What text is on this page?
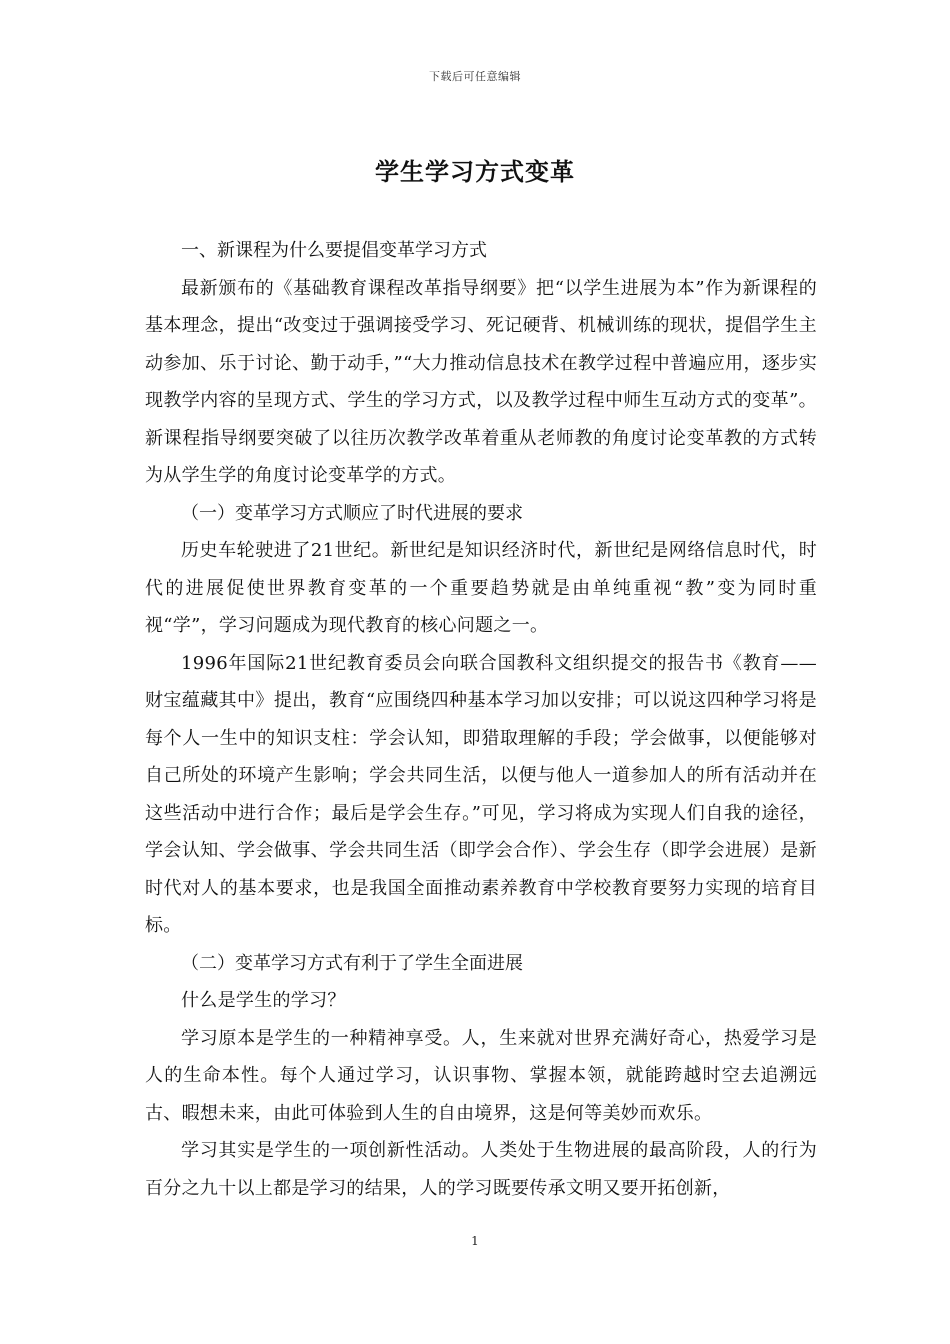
下载后可任意编辑
学生学习方式变革

一、新课程为什么要提倡变革学习方式

最新颁布的《基础教育课程改革指导纲要》把“以学生进展为本”作为新课程的基本理念，提出“改变过于强调接受学习、死记硬背、机械训练的现状，提倡学生主动参加、乐于讨论、勤于动手，”“大力推动信息技术在教学过程中普遍应用，逐步实现教学内容的呈现方式、学生的学习方式，以及教学过程中师生互动方式的变革”。新课程指导纲要突破了以往历次教学改革着重从老师教的角度讨论变革教的方式转为从学生学的角度讨论变革学的方式。

（一）变革学习方式顺应了时代进展的要求

历史车轮驶进了21世纪。新世纪是知识经济时代，新世纪是网络信息时代，时代的进展促使世界教育变革的一个重要趋势就是由单纯重视“教”变为同时重视“学”，学习问题成为现代教育的核心问题之一。

1996年国际21世纪教育委员会向联合国教科文组织提交的报告书《教育——财宝蕴藏其中》提出，教育“应围绕四种基本学习加以安排；可以说这四种学习将是每个人一生中的知识支柱：学会认知，即猎取理解的手段；学会做事，以便能够对自己所处的环境产生影响；学会共同生活，以便与他人一道参加人的所有活动并在这些活动中进行合作；最后是学会生存。”可见，学习将成为实现人们自我的途径，学会认知、学会做事、学会共同生活（即学会合作）、学会生存（即学会进展）是新时代对人的基本要求，也是我国全面推动素养教育中学校教育要努力实现的培育目标。

（二）变革学习方式有利于了学生全面进展

什么是学生的学习？

学习原本是学生的一种精神享受。人，生来就对世界充满好奇心，热爱学习是人的生命本性。每个人通过学习，认识事物、掌握本领，就能跨越时空去追溯远古、暇想未来，由此可体验到人生的自由境界，这是何等美妙而欢乐。

学习其实是学生的一项创新性活动。人类处于生物进展的最高阶段，人的行为百分之九十以上都是学习的结果，人的学习既要传承文明又要开拓创新，

1
